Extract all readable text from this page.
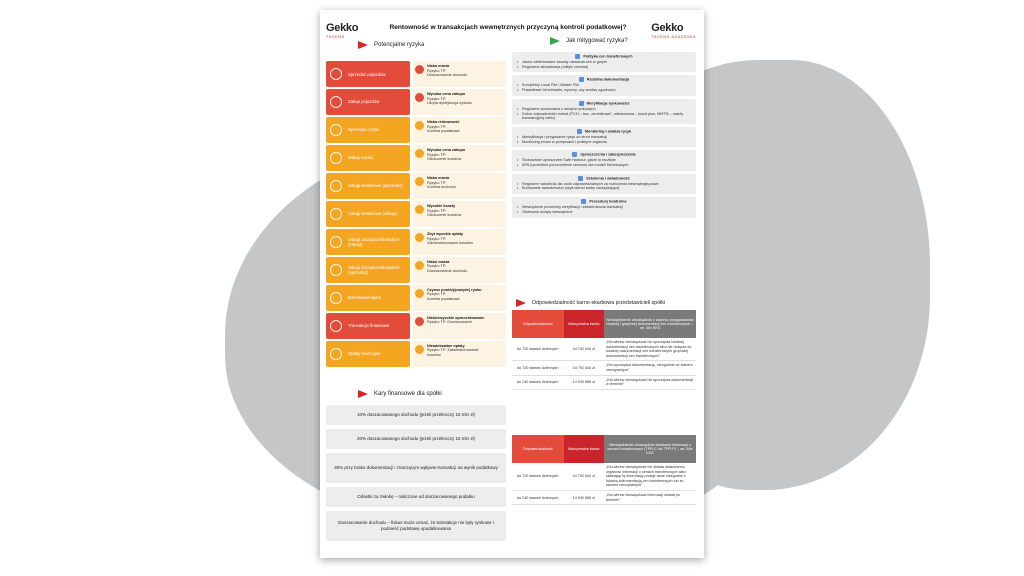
Gekko
TAXENS
Rentowność w transakcjach wewnętrznych przyczyną kontroli podatkowej?	Gekko
TAXENS AKADEMIA
Potencjalne ryzyka
Jak mitygować ryzyka?
Sprzedaż pojazdów
Niska marża
Ryzyko TP:
Doszacowanie dochodu
Zakup pojazdów
Wysoka cena zakupu
Ryzyko TP:
Ukryta dystrybucja zysków
Sprzedaż części
Niska rentowność
Ryzyko TP:
Korekta podatkowa
Zakup części
Wysoka cena zakupu
Ryzyko TP:
Odrzucenie kosztów
Usługi serwisowe (sprzedaż)
Niska marża
Ryzyko TP:
Korekta dochodu
Usługi serwisowe (zakup)
Wysokie koszty
Ryzyko TP:
Odrzucenie kosztów
Usługi zarządcze/doradcze (zakup)
Zbyt wysokie opłaty
Ryzyko TP:
Zakwestionowanie kosztów
Usługi zarządcze/doradcze (sprzedaż)
Nisko marża
Ryzyko TP:
Doszacowanie dochodu
Dzierżawa/najem
Czynsz poniżej/powyżej rynku
Ryzyko TP:
Korekta podatkowa
Transakcje finansowe
Niskie/wysokie oprocentowanie
Ryzyko TP: Doszacowanie
Opłaty licencyjne
Nieadekwatne opłaty
Ryzyko TP: Zakwestionowanie
kosztów
Polityka cen transferowych
• Jasno zdefiniowane zasady ustalania cen w grupie
• Regularna aktualizacja polityki cenowej
Rzetelna dokumentacja
• Kompletny Local File i Master File
• Prawidłowe benchmarki, wyceny, czy analizy zgodności
Weryfikacja rynkowości
• Regularne porównania z danymi rynkowymi
• Dobór odpowiednich metod (PCN – tzw. „ceninikowa", odkosztowa – koszt plus, MMTN – marży transakcyjnej netto)
Monitoring i analiza ryzyk
• Identyfikacja i przypisanie ryzyk do stron transakcji
• Monitoring zmian w przepisach i praktyce organów
Uproszczenia i zabezpieczenia
• Stosowanie uproszczeń Safe Harbour, gdzie to możliwe
• APA (uprzednie porozumienie cenowe) dla modeli biznesowych
Szkolenia i świadomość
• Regularne szkolenia dla osób odpowiedzialnych za rozliczenia wewnątrzgrupowe
• Budowanie świadomości ryzyk wśród kadry zarządzającej
Procedury kontrolne
• Wewnętrzne procedury weryfikacji i zatwierdzania transakcji
• Okresowe audyty wewnętrzne
Kary finansowe dla spółki
10% doszacowanego dochodu (jeżeli przekroczy 15 mln zł)
20% doszacowanego dochodu (jeżeli przekroczy 15 mln zł)
30% przy braku dokumentacji i znaczącym wpływie transakcji na wynik podatkowy
Odsetki za zwłokę – naliczone od doszacowanego podatku
Doszacowanie dochodu – fiskus może uznać, że transakcje nie były rynkowe i podnieść podstawę opodatkowania
Odpowiedzialność karno-skarbowa przedstawicieli spółki
Odpowiedzialność	Maksymalna kwota	Niedopełnienie obowiązków z zakresu przygotowania lokalnej i grupowej dokumentacji cen transferowych – art. 56c KKS
do 720 stawek dziennych	44 792 640 zł	„Kto wbrew obowiązkowi nie sporządza lokalnej dokumentacji cen transferowych albo nie dołącza do lokalnej dokumentacji cen transferowych grupowej dokumentacji cen transferowych"
do 720 stawek dziennych	44 792 640 zł	„Kto sporządza dokumentację, niezgodnie ze stanem rzeczywistym"
do 240 stawek dziennych	14 930 880 zł	„Kto wbrew obowiązkowi nie sporządza dokumentacji w terminie"
Odpowiedzialność	Maksymalna kwota	Niedopełnienie obowiązków składania informacji o cenach transferowych (TPR-C lub TPR-P) – art. 80e KKS
do 720 stawek dziennych	44 792 640 zł	„Kto wbrew obowiązkowi nie składa właściwemu organowi informacji o cenach transferowych albo składając tę informację podaje dane niezgodne z lokalną dokumentacją cen transferowych lub ze stanem rzeczywistym"
do 240 stawek dziennych	14 930 880 zł	„Kto wbrew obowiązkowi informacji składa po terminie"
